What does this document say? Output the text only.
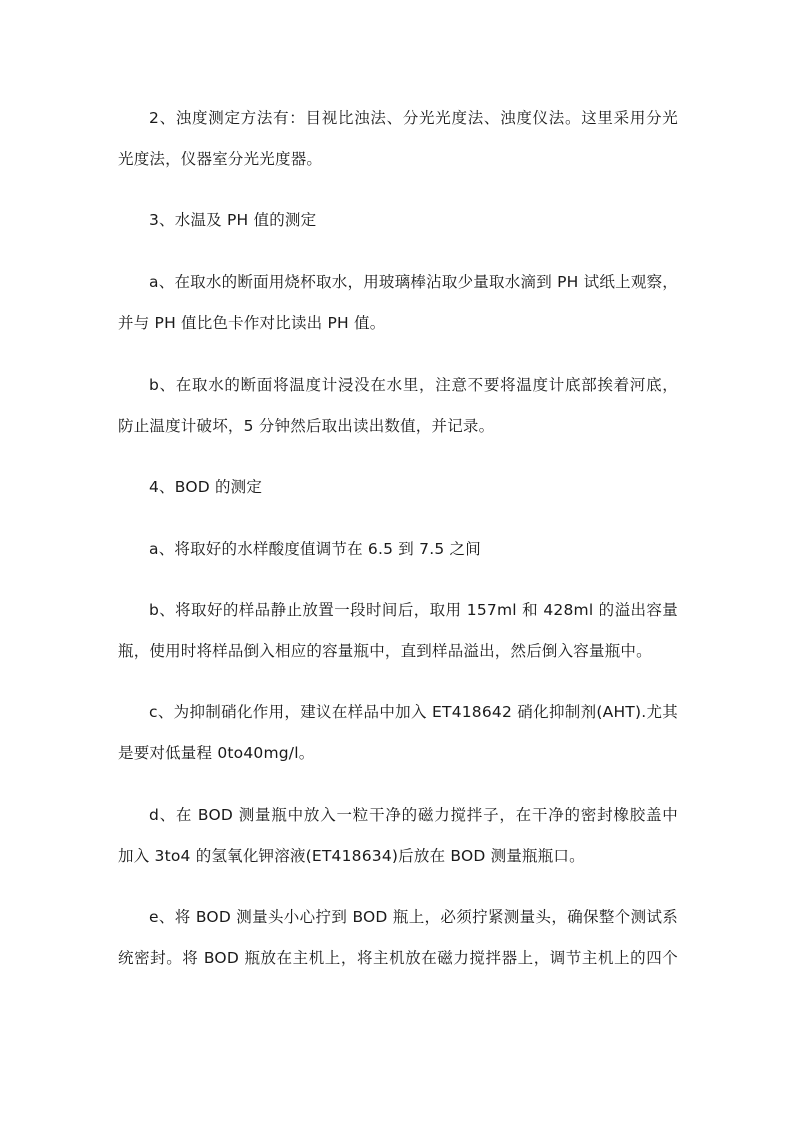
2、浊度测定方法有：目视比浊法、分光光度法、浊度仪法。这里采用分光
光度法，仪器室分光光度器。
3、水温及 PH 值的测定
a、在取水的断面用烧杯取水，用玻璃棒沾取少量取水滴到 PH 试纸上观察，
并与 PH 值比色卡作对比读出 PH 值。
b、在取水的断面将温度计浸没在水里，注意不要将温度计底部挨着河底，
防止温度计破坏，5 分钟然后取出读出数值，并记录。
4、BOD 的测定
a、将取好的水样酸度值调节在 6.5 到 7.5 之间
b、将取好的样品静止放置一段时间后，取用 157ml 和 428ml 的溢出容量
瓶，使用时将样品倒入相应的容量瓶中，直到样品溢出，然后倒入容量瓶中。
c、为抑制硝化作用，建议在样品中加入 ET418642 硝化抑制剂(AHT).尤其
是要对低量程 0to40mg/l。
d、在 BOD 测量瓶中放入一粒干净的磁力搅拌子，在干净的密封橡胶盖中
加入 3to4 的氢氧化钾溶液(ET418634)后放在 BOD 测量瓶瓶口。
e、将 BOD 测量头小心拧到 BOD 瓶上，必须拧紧测量头，确保整个测试系
统密封。将 BOD 瓶放在主机上，将主机放在磁力搅拌器上，调节主机上的四个
